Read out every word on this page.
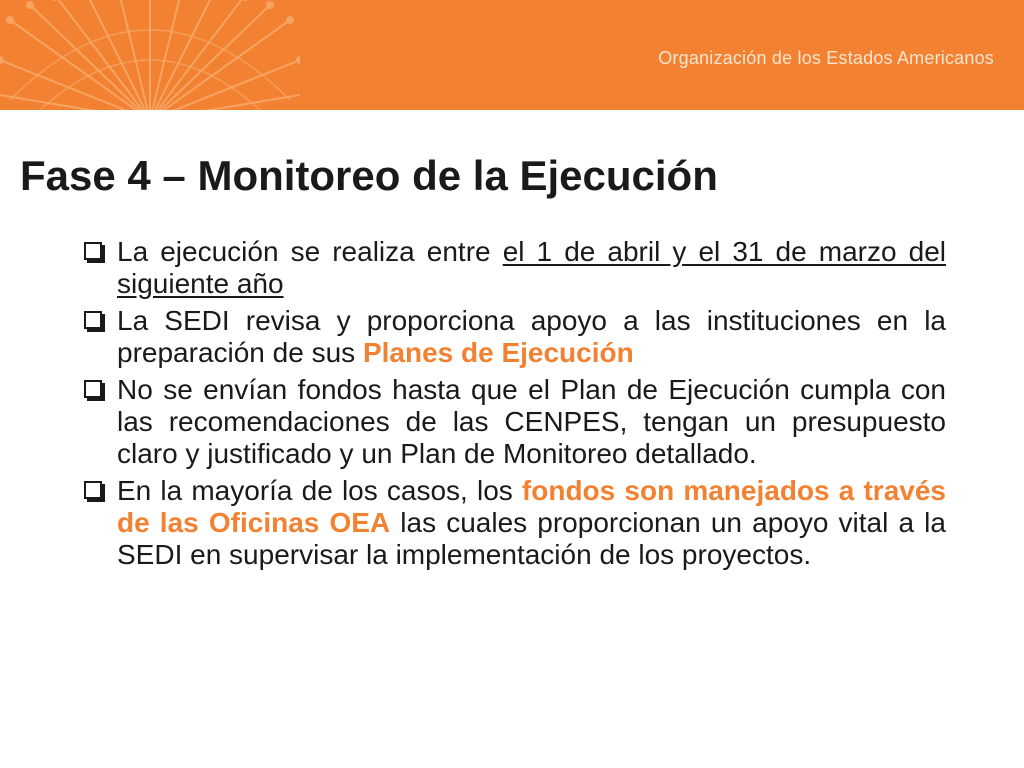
Organización de los Estados Americanos
Fase 4 – Monitoreo de la Ejecución
La ejecución se realiza entre el 1 de abril y el 31 de marzo del siguiente año
La SEDI revisa y proporciona apoyo a las instituciones en la preparación de sus Planes de Ejecución
No se envían fondos hasta que el Plan de Ejecución cumpla con las recomendaciones de las CENPES, tengan un presupuesto claro y justificado y un Plan de Monitoreo detallado.
En la mayoría de los casos, los fondos son manejados a través de las Oficinas OEA las cuales proporcionan un apoyo vital a la SEDI en supervisar la implementación de los proyectos.
